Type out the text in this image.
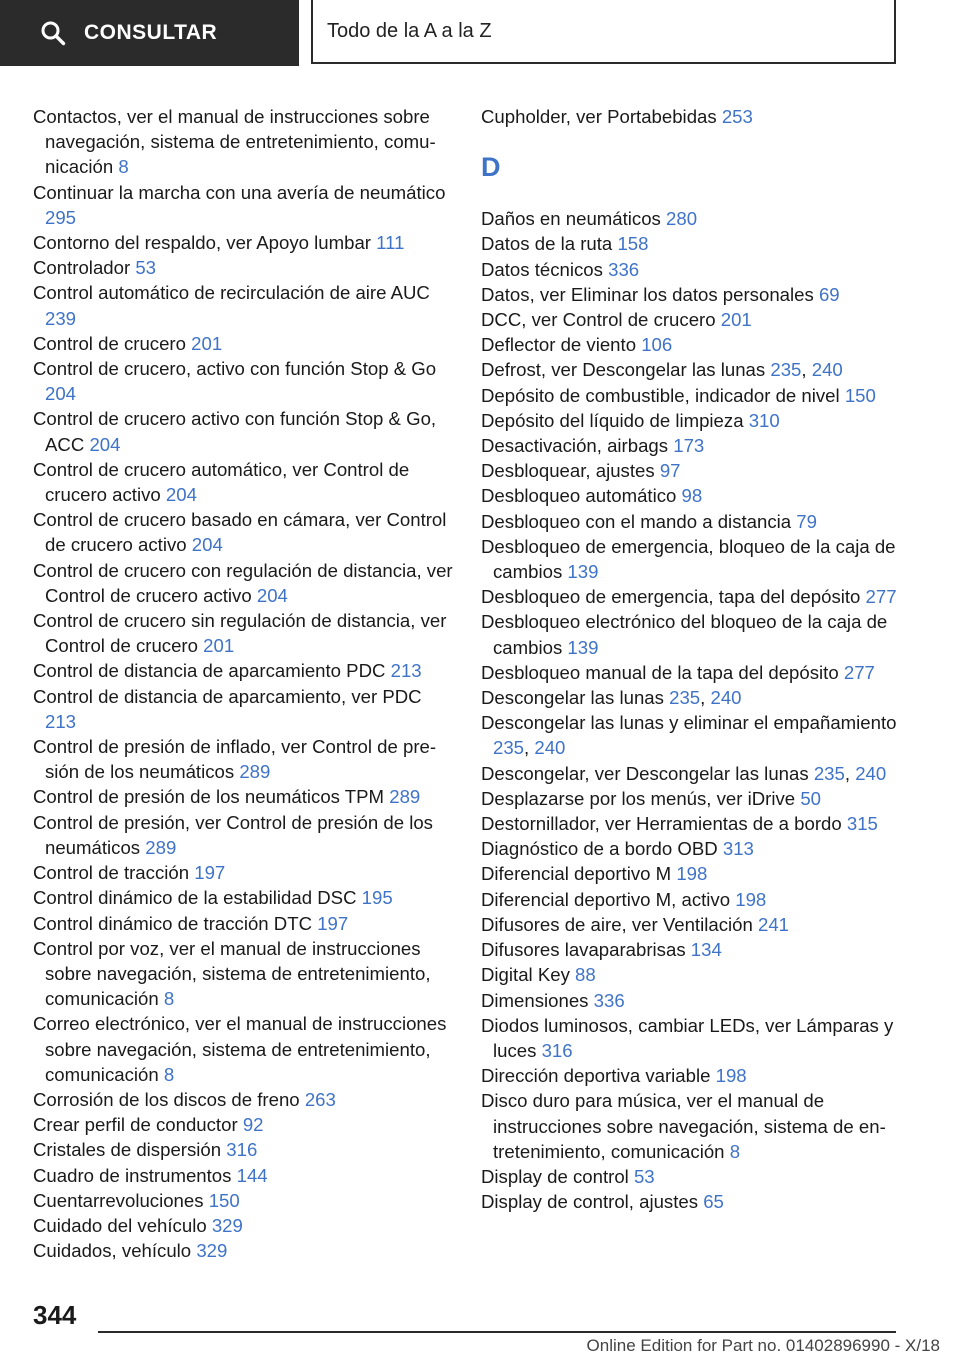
CONSULTAR	Todo de la A a la Z

Contactos, ver el manual de instrucciones sobre navegación, sistema de entretenimiento, comunicación 8

Continuar la marcha con una avería de neumático 295

Contorno del respaldo, ver Apoyo lumbar 111

Controlador 53

Control automático de recirculación de aire AUC 239

Control de crucero 201

Control de crucero, activo con función Stop & Go 204

Control de crucero activo con función Stop & Go, ACC 204

Control de crucero automático, ver Control de crucero activo 204

Control de crucero basado en cámara, ver Control de crucero activo 204

Control de crucero con regulación de distancia, ver Control de crucero activo 204

Control de crucero sin regulación de distancia, ver Control de crucero 201

Control de distancia de aparcamiento PDC 213

Control de distancia de aparcamiento, ver PDC 213

Control de presión de inflado, ver Control de presión de los neumáticos 289

Control de presión de los neumáticos TPM 289

Control de presión, ver Control de presión de los neumáticos 289

Control de tracción 197

Control dinámico de la estabilidad DSC 195

Control dinámico de tracción DTC 197

Control por voz, ver el manual de instrucciones sobre navegación, sistema de entretenimiento, comunicación 8

Correo electrónico, ver el manual de instrucciones sobre navegación, sistema de entretenimiento, comunicación 8

Corrosión de los discos de freno 263

Crear perfil de conductor 92

Cristales de dispersión 316

Cuadro de instrumentos 144

Cuentarrevoluciones 150

Cuidado del vehículo 329

Cuidados, vehículo 329

Cupholder, ver Portabebidas 253

D

Daños en neumáticos 280

Datos de la ruta 158

Datos técnicos 336

Datos, ver Eliminar los datos personales 69

DCC, ver Control de crucero 201

Deflector de viento 106

Defrost, ver Descongelar las lunas 235, 240

Depósito de combustible, indicador de nivel 150

Depósito del líquido de limpieza 310

Desactivación, airbags 173

Desbloquear, ajustes 97

Desbloqueo automático 98

Desbloqueo con el mando a distancia 79

Desbloqueo de emergencia, bloqueo de la caja de cambios 139

Desbloqueo de emergencia, tapa del depósito 277

Desbloqueo electrónico del bloqueo de la caja de cambios 139

Desbloqueo manual de la tapa del depósito 277

Descongelar las lunas 235, 240

Descongelar las lunas y eliminar el empañamiento 235, 240

Descongelar, ver Descongelar las lunas 235, 240

Desplazarse por los menús, ver iDrive 50

Destornillador, ver Herramientas de a bordo 315

Diagnóstico de a bordo OBD 313

Diferencial deportivo M 198

Diferencial deportivo M, activo 198

Difusores de aire, ver Ventilación 241

Difusores lavaparabrisas 134

Digital Key 88

Dimensiones 336

Diodos luminosos, cambiar LEDs, ver Lámparas y luces 316

Dirección deportiva variable 198

Disco duro para música, ver el manual de instrucciones sobre navegación, sistema de entretenimiento, comunicación 8

Display de control 53

Display de control, ajustes 65

344
Online Edition for Part no. 01402896990 - X/18
